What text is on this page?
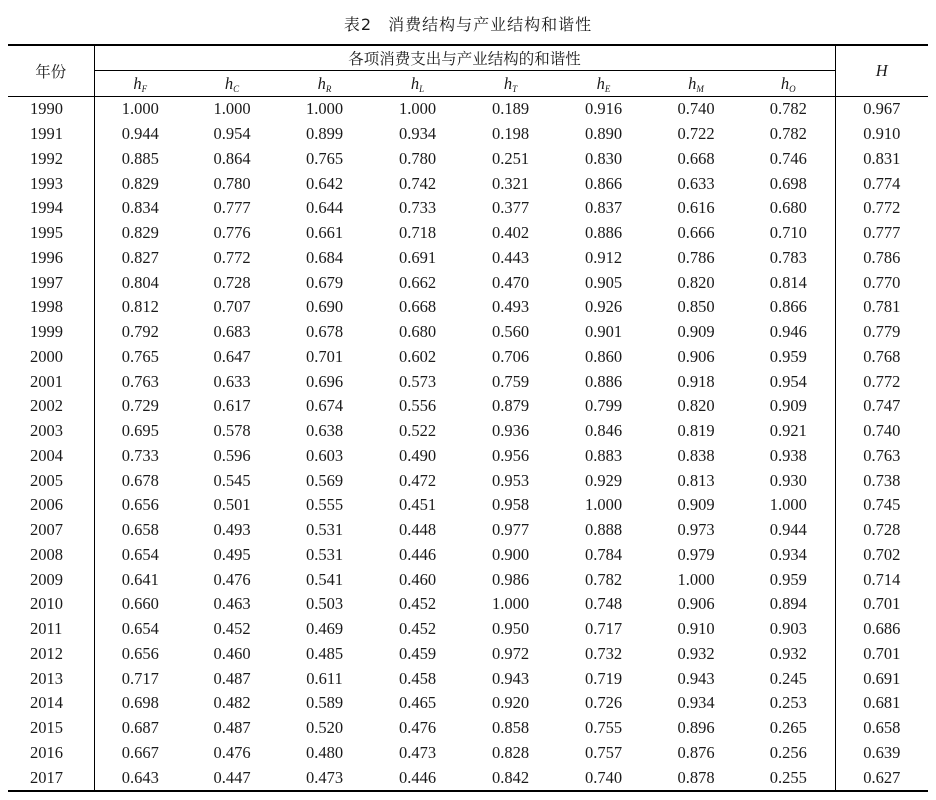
表2 消费结构与产业结构和谐性
年份	各项消费支出与产业结构的和谐性								H
	$h_F$	$h_C$	$h_R$	$h_L$	$h_T$	$h_E$	$h_M$	$h_O$
1990	1.000	1.000	1.000	1.000	0.189	0.916	0.740	0.782	0.967
1991	0.944	0.954	0.899	0.934	0.198	0.890	0.722	0.782	0.910
1992	0.885	0.864	0.765	0.780	0.251	0.830	0.668	0.746	0.831
1993	0.829	0.780	0.642	0.742	0.321	0.866	0.633	0.698	0.774
1994	0.834	0.777	0.644	0.733	0.377	0.837	0.616	0.680	0.772
1995	0.829	0.776	0.661	0.718	0.402	0.886	0.666	0.710	0.777
1996	0.827	0.772	0.684	0.691	0.443	0.912	0.786	0.783	0.786
1997	0.804	0.728	0.679	0.662	0.470	0.905	0.820	0.814	0.770
1998	0.812	0.707	0.690	0.668	0.493	0.926	0.850	0.866	0.781
1999	0.792	0.683	0.678	0.680	0.560	0.901	0.909	0.946	0.779
2000	0.765	0.647	0.701	0.602	0.706	0.860	0.906	0.959	0.768
2001	0.763	0.633	0.696	0.573	0.759	0.886	0.918	0.954	0.772
2002	0.729	0.617	0.674	0.556	0.879	0.799	0.820	0.909	0.747
2003	0.695	0.578	0.638	0.522	0.936	0.846	0.819	0.921	0.740
2004	0.733	0.596	0.603	0.490	0.956	0.883	0.838	0.938	0.763
2005	0.678	0.545	0.569	0.472	0.953	0.929	0.813	0.930	0.738
2006	0.656	0.501	0.555	0.451	0.958	1.000	0.909	1.000	0.745
2007	0.658	0.493	0.531	0.448	0.977	0.888	0.973	0.944	0.728
2008	0.654	0.495	0.531	0.446	0.900	0.784	0.979	0.934	0.702
2009	0.641	0.476	0.541	0.460	0.986	0.782	1.000	0.959	0.714
2010	0.660	0.463	0.503	0.452	1.000	0.748	0.906	0.894	0.701
2011	0.654	0.452	0.469	0.452	0.950	0.717	0.910	0.903	0.686
2012	0.656	0.460	0.485	0.459	0.972	0.732	0.932	0.932	0.701
2013	0.717	0.487	0.611	0.458	0.943	0.719	0.943	0.245	0.691
2014	0.698	0.482	0.589	0.465	0.920	0.726	0.934	0.253	0.681
2015	0.687	0.487	0.520	0.476	0.858	0.755	0.896	0.265	0.658
2016	0.667	0.476	0.480	0.473	0.828	0.757	0.876	0.256	0.639
2017	0.643	0.447	0.473	0.446	0.842	0.740	0.878	0.255	0.627
